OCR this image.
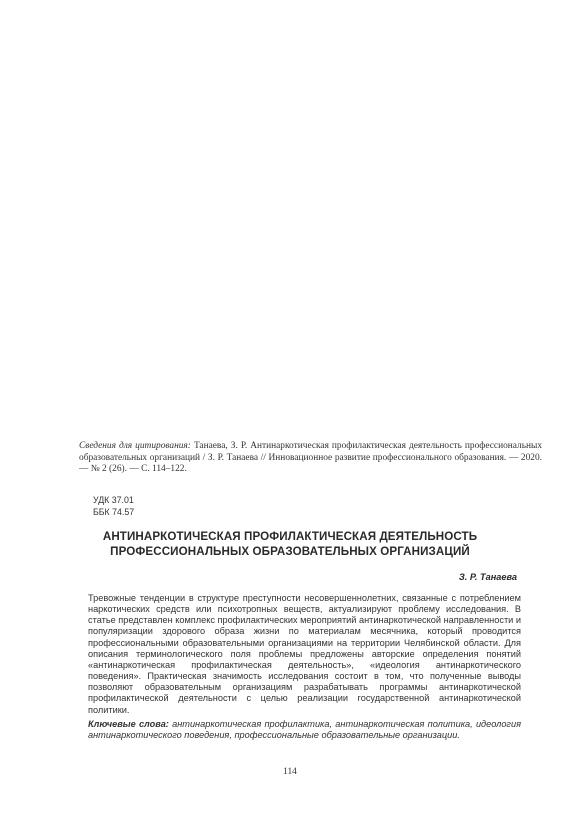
Сведения для цитирования: Танаева, З. Р. Антинаркотическая профилактическая деятельность профессиональных образовательных организаций / З. Р. Танаева // Инновационное развитие профессионального образования. — 2020. — № 2 (26). — С. 114–122.
УДК 37.01
ББК 74.57
АНТИНАРКОТИЧЕСКАЯ ПРОФИЛАКТИЧЕСКАЯ ДЕЯТЕЛЬНОСТЬ
ПРОФЕССИОНАЛЬНЫХ ОБРАЗОВАТЕЛЬНЫХ ОРГАНИЗАЦИЙ
З. Р. Танаева

Тревожные тенденции в структуре преступности несовершеннолетних, связанные с потреблением наркотических средств или психотропных веществ, актуализируют проблему исследования. В статье представлен комплекс профилактических мероприятий антинаркотической направленности и популяризации здорового образа жизни по материалам месячника, который проводится профессиональными образовательными организациями на территории Челябинской области. Для описания терминологического поля проблемы предложены авторские определения понятий «антинаркотическая профилактическая деятельность», «идеология антинаркотического поведения». Практическая значимость исследования состоит в том, что полученные выводы позволяют образовательным организациям разрабатывать программы антинаркотической профилактической деятельности с целью реализации государственной антинаркотической политики.

Ключевые слова: антинаркотическая профилактика, антинаркотическая политика, идеология антинаркотического поведения, профессиональные образовательные организации.
114
